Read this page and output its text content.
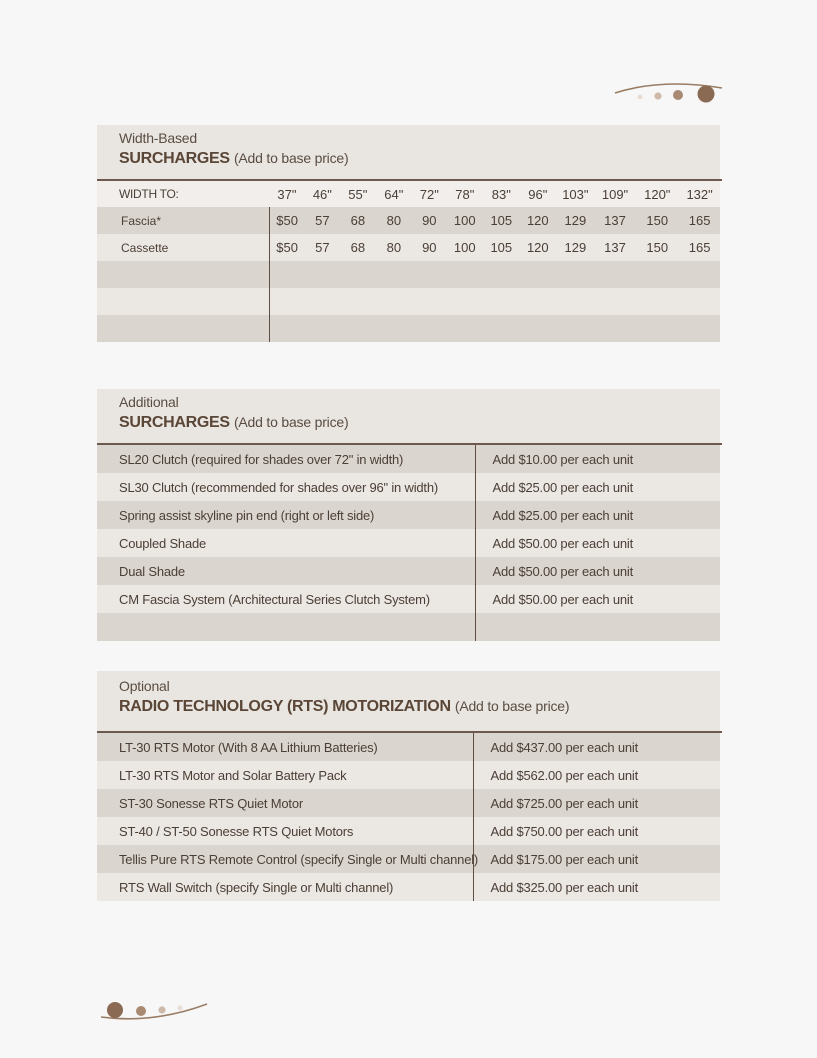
Width-Based
SURCHARGES (Add to base price)
WIDTH TO:	37"	46"	55"	64"	72"	78"	83"	96"	103"	109"	120"	132"
Fascia*	$50	57	68	80	90	100	105	120	129	137	150	165
Cassette	$50	57	68	80	90	100	105	120	129	137	150	165

Additional
SURCHARGES (Add to base price)
SL20 Clutch (required for shades over 72" in width)	Add $10.00 per each unit
SL30 Clutch (recommended for shades over 96" in width)	Add $25.00 per each unit
Spring assist skyline pin end (right or left side)	Add $25.00 per each unit
Coupled Shade	Add $50.00 per each unit
Dual Shade	Add $50.00 per each unit
CM Fascia System (Architectural Series Clutch System)	Add $50.00 per each unit

Optional
RADIO TECHNOLOGY (RTS) MOTORIZATION (Add to base price)
LT-30 RTS Motor (With 8 AA Lithium Batteries)	Add $437.00 per each unit
LT-30 RTS Motor and Solar Battery Pack	Add $562.00 per each unit
ST-30 Sonesse RTS Quiet Motor	Add $725.00 per each unit
ST-40 / ST-50 Sonesse RTS Quiet Motors	Add $750.00 per each unit
Tellis Pure RTS Remote Control (specify Single or Multi channel)	Add $175.00 per each unit
RTS Wall Switch (specify Single or Multi channel)	Add $325.00 per each unit
